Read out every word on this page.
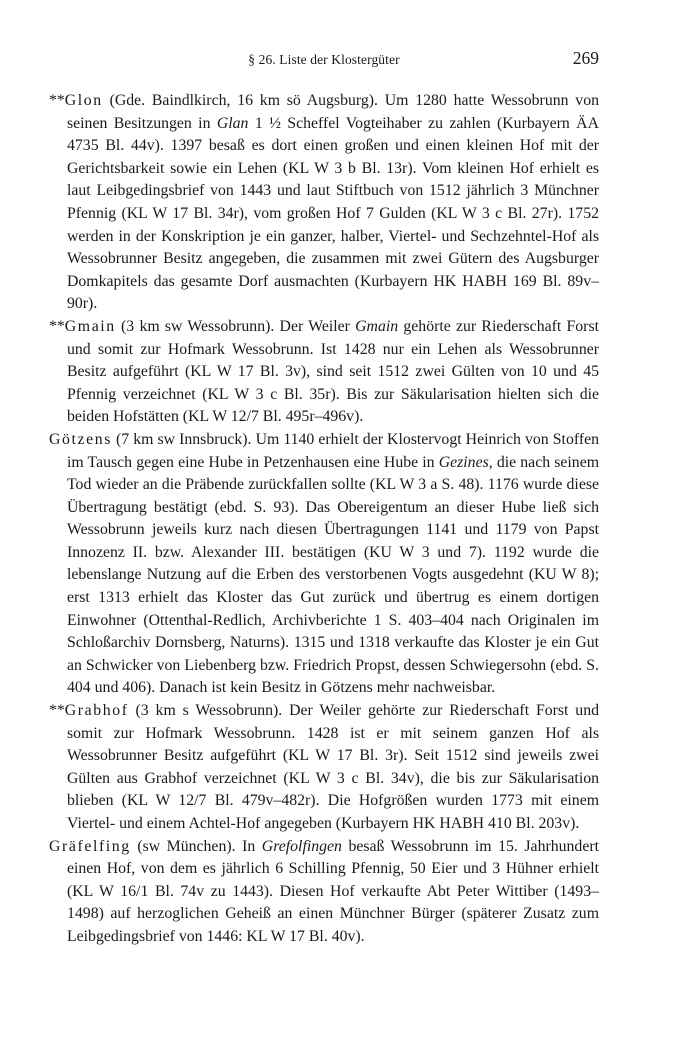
§ 26. Liste der Klostergüter	269

**Glon (Gde. Baindlkirch, 16 km sö Augsburg). Um 1280 hatte Wessobrunn von seinen Besitzungen in Glan 1 ½ Scheffel Vogteihaber zu zahlen (Kurbayern ÄA 4735 Bl. 44v). 1397 besaß es dort einen großen und einen kleinen Hof mit der Gerichtsbarkeit sowie ein Lehen (KL W 3 b Bl. 13r). Vom kleinen Hof erhielt es laut Leibgedingsbrief von 1443 und laut Stiftbuch von 1512 jährlich 3 Münchner Pfennig (KL W 17 Bl. 34r), vom großen Hof 7 Gulden (KL W 3 c Bl. 27r). 1752 werden in der Konskription je ein ganzer, halber, Viertel- und Sechzehntel-Hof als Wessobrunner Besitz angegeben, die zusammen mit zwei Gütern des Augsburger Domkapitels das gesamte Dorf ausmachten (Kurbayern HK HABH 169 Bl. 89v–90r).

**Gmain (3 km sw Wessobrunn). Der Weiler Gmain gehörte zur Riederschaft Forst und somit zur Hofmark Wessobrunn. Ist 1428 nur ein Lehen als Wessobrunner Besitz aufgeführt (KL W 17 Bl. 3v), sind seit 1512 zwei Gülten von 10 und 45 Pfennig verzeichnet (KL W 3 c Bl. 35r). Bis zur Säkularisation hielten sich die beiden Hofstätten (KL W 12/7 Bl. 495r–496v).

Götzens (7 km sw Innsbruck). Um 1140 erhielt der Klostervogt Heinrich von Stoffen im Tausch gegen eine Hube in Petzenhausen eine Hube in Gezines, die nach seinem Tod wieder an die Präbende zurückfallen sollte (KL W 3 a S. 48). 1176 wurde diese Übertragung bestätigt (ebd. S. 93). Das Obereigentum an dieser Hube ließ sich Wessobrunn jeweils kurz nach diesen Übertragungen 1141 und 1179 von Papst Innozenz II. bzw. Alexander III. bestätigen (KU W 3 und 7). 1192 wurde die lebenslange Nutzung auf die Erben des verstorbenen Vogts ausgedehnt (KU W 8); erst 1313 erhielt das Kloster das Gut zurück und übertrug es einem dortigen Einwohner (Ottenthal-Redlich, Archivberichte 1 S. 403–404 nach Originalen im Schloßarchiv Dornsberg, Naturns). 1315 und 1318 verkaufte das Kloster je ein Gut an Schwicker von Liebenberg bzw. Friedrich Propst, dessen Schwiegersohn (ebd. S. 404 und 406). Danach ist kein Besitz in Götzens mehr nachweisbar.

**Grabhof (3 km s Wessobrunn). Der Weiler gehörte zur Riederschaft Forst und somit zur Hofmark Wessobrunn. 1428 ist er mit seinem ganzen Hof als Wessobrunner Besitz aufgeführt (KL W 17 Bl. 3r). Seit 1512 sind jeweils zwei Gülten aus Grabhof verzeichnet (KL W 3 c Bl. 34v), die bis zur Säkularisation blieben (KL W 12/7 Bl. 479v–482r). Die Hofgrößen wurden 1773 mit einem Viertel- und einem Achtel-Hof angegeben (Kurbayern HK HABH 410 Bl. 203v).

Gräfelfing (sw München). In Grefolfingen besaß Wessobrunn im 15. Jahrhundert einen Hof, von dem es jährlich 6 Schilling Pfennig, 50 Eier und 3 Hühner erhielt (KL W 16/1 Bl. 74v zu 1443). Diesen Hof verkaufte Abt Peter Wittiber (1493–1498) auf herzoglichen Geheiß an einen Münchner Bürger (späterer Zusatz zum Leibgedingsbrief von 1446: KL W 17 Bl. 40v).
